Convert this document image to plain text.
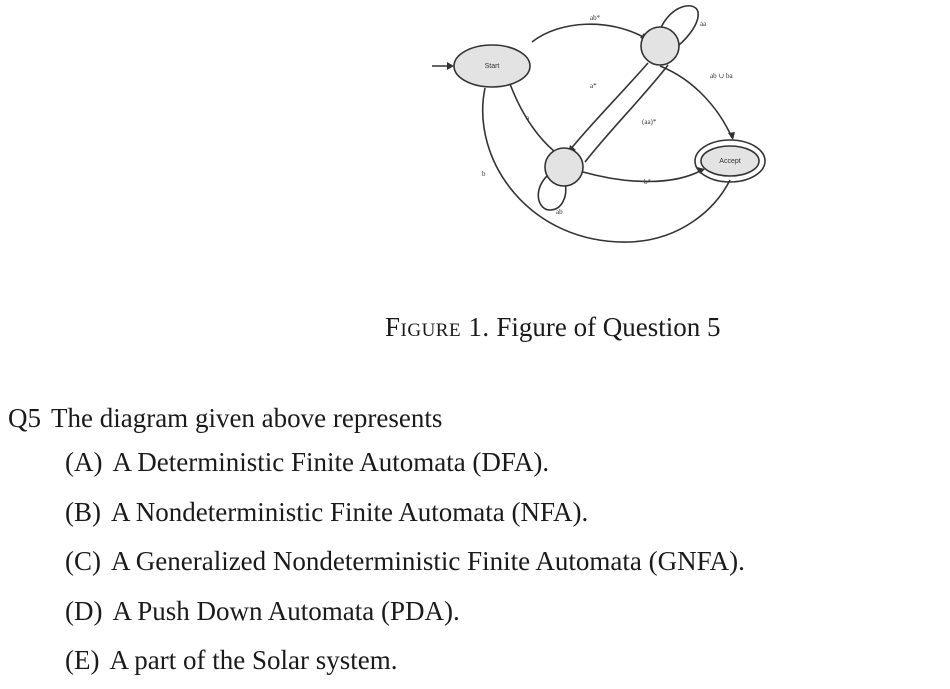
Start
Accept
ab*
aa
ab ∪ ba
a*
(aa)*
a
b
b*
ab

Figure 1. Figure of Question 5

Q5 The diagram given above represents

(A) A Deterministic Finite Automata (DFA).
(B) A Nondeterministic Finite Automata (NFA).
(C) A Generalized Nondeterministic Finite Automata (GNFA).
(D) A Push Down Automata (PDA).
(E) A part of the Solar system.
